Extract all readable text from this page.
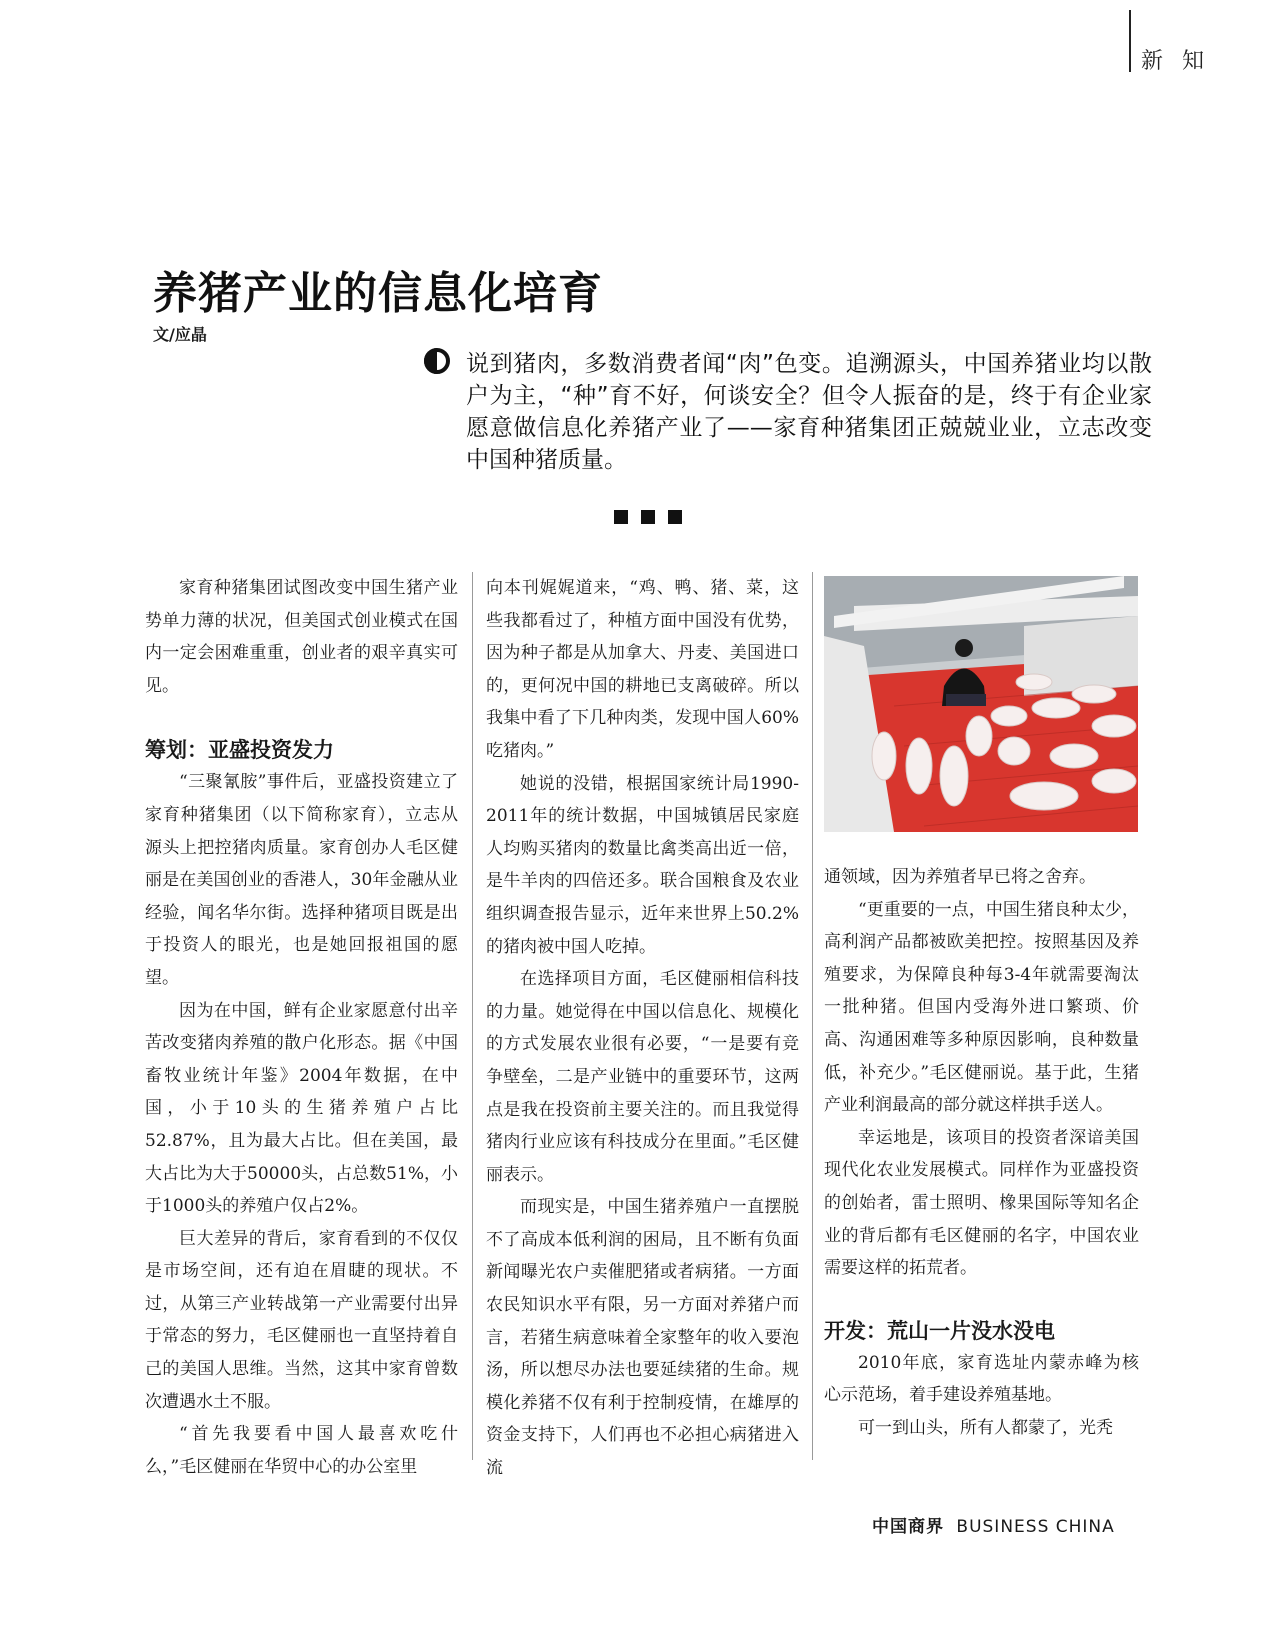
新 知
养猪产业的信息化培育
文/应晶

说到猪肉，多数消费者闻“肉”色变。追溯源头，中国养猪业均以散户为主，“种”育不好，何谈安全？但令人振奋的是，终于有企业家愿意做信息化养猪产业了——家育种猪集团正兢兢业业，立志改变中国种猪质量。

家育种猪集团试图改变中国生猪产业势单力薄的状况，但美国式创业模式在国内一定会困难重重，创业者的艰辛真实可见。

筹划：亚盛投资发力

“三聚氰胺”事件后，亚盛投资建立了家育种猪集团（以下简称家育），立志从源头上把控猪肉质量。家育创办人毛区健丽是在美国创业的香港人，30年金融从业经验，闻名华尔街。选择种猪项目既是出于投资人的眼光，也是她回报祖国的愿望。

因为在中国，鲜有企业家愿意付出辛苦改变猪肉养殖的散户化形态。据《中国畜牧业统计年鉴》2004年数据，在中国，小于10头的生猪养殖户占比52.87%，且为最大占比。但在美国，最大占比为大于50000头，占总数51%，小于1000头的养殖户仅占2%。

巨大差异的背后，家育看到的不仅仅是市场空间，还有迫在眉睫的现状。不过，从第三产业转战第一产业需要付出异于常态的努力，毛区健丽也一直坚持着自己的美国人思维。当然，这其中家育曾数次遭遇水土不服。

“首先我要看中国人最喜欢吃什么，”毛区健丽在华贸中心的办公室里

向本刊娓娓道来，“鸡、鸭、猪、菜，这些我都看过了，种植方面中国没有优势，因为种子都是从加拿大、丹麦、美国进口的，更何况中国的耕地已支离破碎。所以我集中看了下几种肉类，发现中国人60%吃猪肉。”

她说的没错，根据国家统计局1990-2011年的统计数据，中国城镇居民家庭人均购买猪肉的数量比禽类高出近一倍，是牛羊肉的四倍还多。联合国粮食及农业组织调查报告显示，近年来世界上50.2%的猪肉被中国人吃掉。

在选择项目方面，毛区健丽相信科技的力量。她觉得在中国以信息化、规模化的方式发展农业很有必要，“一是要有竞争壁垒，二是产业链中的重要环节，这两点是我在投资前主要关注的。而且我觉得猪肉行业应该有科技成分在里面。”毛区健丽表示。

而现实是，中国生猪养殖户一直摆脱不了高成本低利润的困局，且不断有负面新闻曝光农户卖催肥猪或者病猪。一方面农民知识水平有限，另一方面对养猪户而言，若猪生病意味着全家整年的收入要泡汤，所以想尽办法也要延续猪的生命。规模化养猪不仅有利于控制疫情，在雄厚的资金支持下，人们再也不必担心病猪进入流

通领域，因为养殖者早已将之舍弃。

“更重要的一点，中国生猪良种太少，高利润产品都被欧美把控。按照基因及养殖要求，为保障良种每3-4年就需要淘汰一批种猪。但国内受海外进口繁琐、价高、沟通困难等多种原因影响，良种数量低，补充少。”毛区健丽说。基于此，生猪产业利润最高的部分就这样拱手送人。

幸运地是，该项目的投资者深谙美国现代化农业发展模式。同样作为亚盛投资的创始者，雷士照明、橡果国际等知名企业的背后都有毛区健丽的名字，中国农业需要这样的拓荒者。

开发：荒山一片没水没电

2010年底，家育选址内蒙赤峰为核心示范场，着手建设养殖基地。

可一到山头，所有人都蒙了，光秃

中国商界 BUSINESS CHINA
